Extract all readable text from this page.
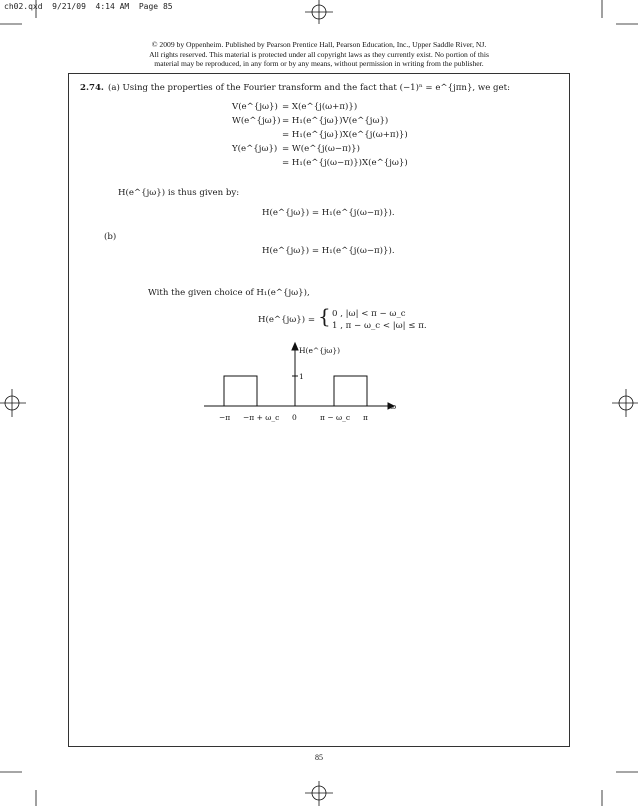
ch02.qxd  9/21/09  4:14 AM  Page 85
© 2009 by Oppenheim. Published by Pearson Prentice Hall, Pearson Education, Inc., Upper Saddle River, NJ.
All rights reserved. This material is protected under all copyright laws as they currently exist. No portion of this
material may be reproduced, in any form or by any means, without permission in writing from the publisher.
2.74. (a) Using the properties of the Fourier transform and the fact that (−1)ⁿ = e^{jπn}, we get:
V(e^{jω})
W(e^{jω})
Y(e^{jω})
= X(e^{j(ω+π)})
= H₁(e^{jω})V(e^{jω})
= H₁(e^{jω})X(e^{j(ω+π)})
= W(e^{j(ω−π)})
= H₁(e^{j(ω−π)})X(e^{jω})
H(e^{jω}) is thus given by:
H(e^{jω}) = H₁(e^{j(ω−π)}).
(b)
H(e^{jω}) = H₁(e^{j(ω−π)}).
With the given choice of H₁(e^{jω}),
H(e^{jω}) = { 0 , |ω| < π − ω_c
1 , π − ω_c < |ω| ≤ π.
H(e^{jω})
1
ω
−π −π + ω_c 0	π − ω_c π
85
